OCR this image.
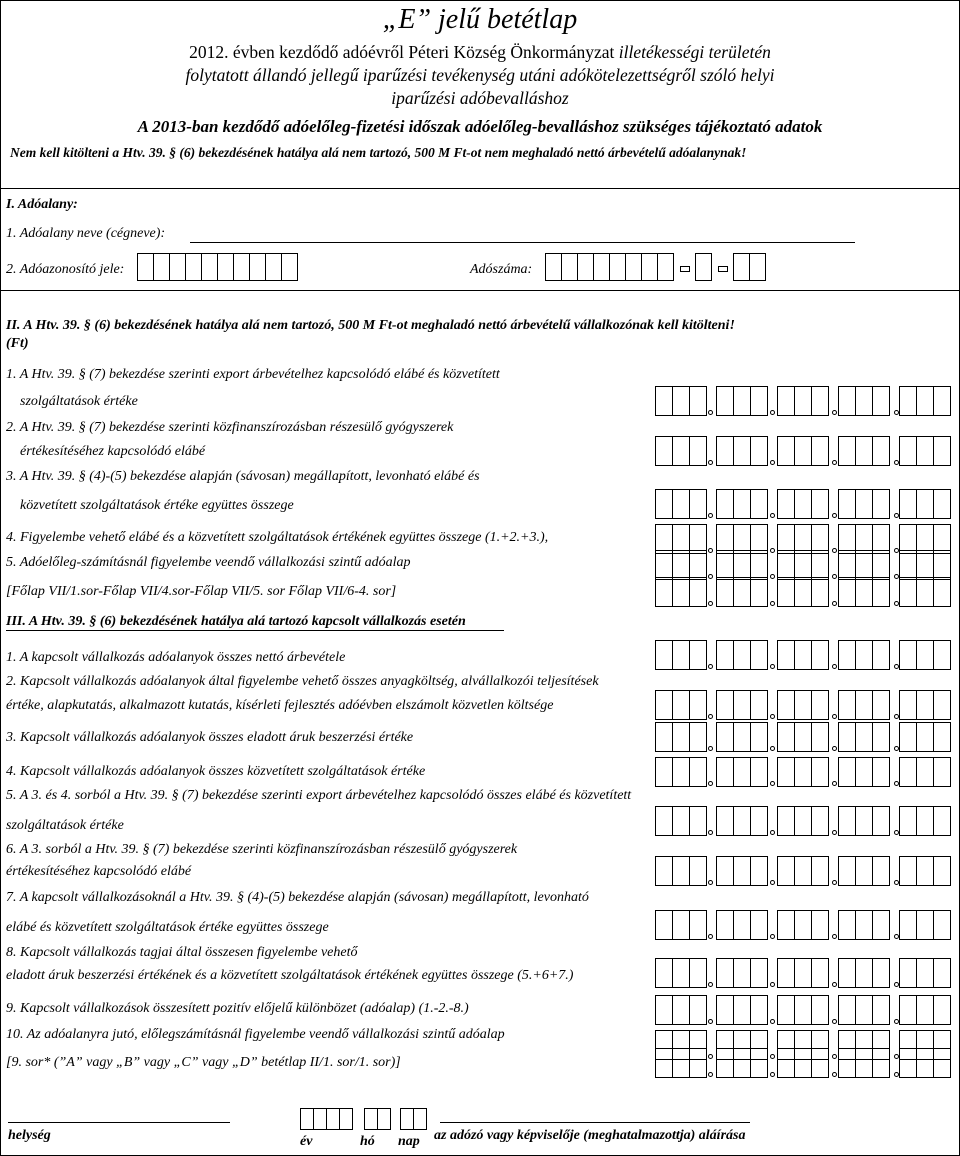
„E” jelű betétlap
2012. évben kezdődő adóévről Péteri Község Önkormányzat illetékességi területén
folytatott állandó jellegű iparűzési tevékenység utáni adókötelezettségről szóló helyi
iparűzési adóbevalláshoz
A 2013-ban kezdődő adóelőleg-fizetési időszak adóelőleg-bevalláshoz szükséges tájékoztató adatok
Nem kell kitölteni a Htv. 39. § (6) bekezdésének hatálya alá nem tartozó, 500 M Ft-ot nem meghaladó nettó árbevételű adóalanynak!
I. Adóalany:
1. Adóalany neve (cégneve):
2. Adóazonosító jele:	Adószáma:
II. A Htv. 39. § (6) bekezdésének hatálya alá nem tartozó, 500 M Ft-ot meghaladó nettó árbevételű vállalkozónak kell kitölteni!
(Ft)
1. A Htv. 39. § (7) bekezdése szerinti export árbevételhez kapcsolódó elábé és közvetített
szolgáltatások értéke
2. A Htv. 39. § (7) bekezdése szerinti közfinanszírozásban részesülő gyógyszerek
értékesítéséhez kapcsolódó elábé
3. A Htv. 39. § (4)-(5) bekezdése alapján (sávosan) megállapított, levonható elábé és
közvetített szolgáltatások értéke együttes összege
4. Figyelembe vehető elábé és a közvetített szolgáltatások értékének együttes összege (1.+2.+3.),
5. Adóelőleg-számításnál figyelembe veendő vállalkozási szintű adóalap
[Főlap VII/1.sor-Főlap VII/4.sor-Főlap VII/5. sor Főlap VII/6-4. sor]
III. A Htv. 39. § (6) bekezdésének hatálya alá tartozó kapcsolt vállalkozás esetén
1. A kapcsolt vállalkozás adóalanyok összes nettó árbevétele
2. Kapcsolt vállalkozás adóalanyok által figyelembe vehető összes anyagköltség, alvállalkozói teljesítések
értéke, alapkutatás, alkalmazott kutatás, kísérleti fejlesztés adóévben elszámolt közvetlen költsége
3. Kapcsolt vállalkozás adóalanyok összes eladott áruk beszerzési értéke
4. Kapcsolt vállalkozás adóalanyok összes közvetített szolgáltatások értéke
5. A 3. és 4. sorból a Htv. 39. § (7) bekezdése szerinti export árbevételhez kapcsolódó összes elábé és közvetített
szolgáltatások értéke
6. A 3. sorból a Htv. 39. § (7) bekezdése szerinti közfinanszírozásban részesülő gyógyszerek
értékesítéséhez kapcsolódó elábé
7. A kapcsolt vállalkozásoknál a Htv. 39. § (4)-(5) bekezdése alapján (sávosan) megállapított, levonható
elábé és közvetített szolgáltatások értéke együttes összege
8. Kapcsolt vállalkozás tagjai által összesen figyelembe vehető
eladott áruk beszerzési értékének és a közvetített szolgáltatások értékének együttes összege (5.+6+7.)
9. Kapcsolt vállalkozások összesített pozitív előjelű különbözet (adóalap) (1.-2.-8.)
10. Az adóalanyra jutó, előlegszámításnál figyelembe veendő vállalkozási szintű adóalap
[9. sor* (”A” vagy „B” vagy „C” vagy „D” betétlap II/1. sor/1. sor)]
helység	év	hó nap az adózó vagy képviselője (meghatalmazottja) aláírása
